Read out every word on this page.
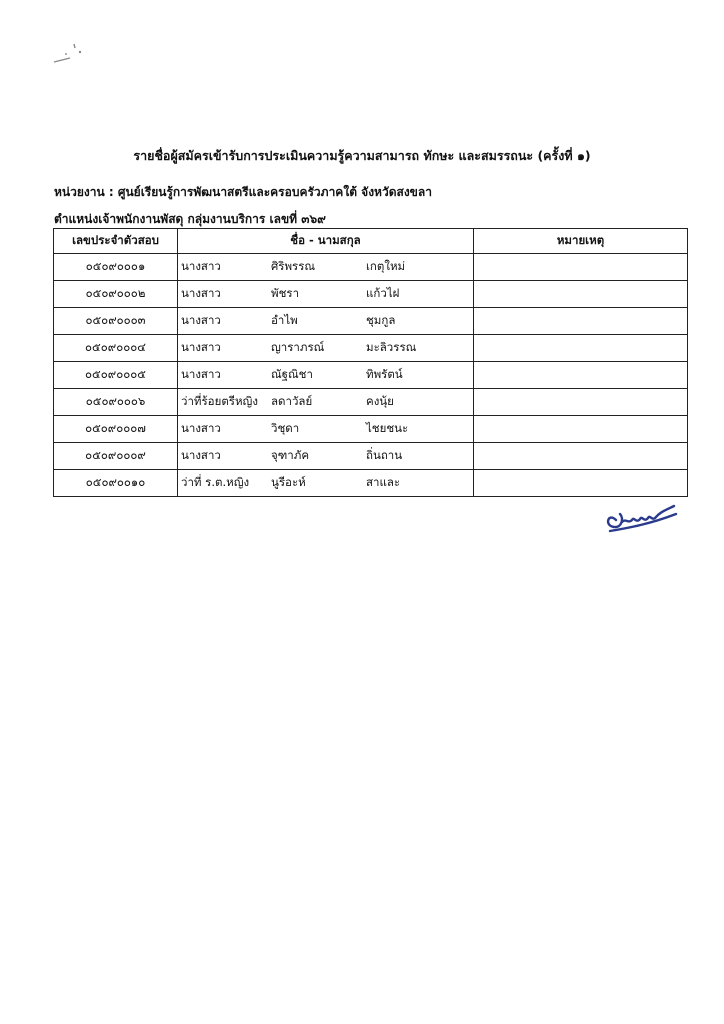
รายชื่อผู้สมัครเข้ารับการประเมินความรู้ความสามารถ ทักษะ และสมรรถนะ (ครั้งที่ ๑)
หน่วยงาน : ศูนย์เรียนรู้การพัฒนาสตรีและครอบครัวภาคใต้ จังหวัดสงขลา
ตำแหน่งเจ้าพนักงานพัสดุ กลุ่มงานบริการ เลขที่ ๓๖๙
เลขประจำตัวสอบ	ชื่อ - นามสกุล	หมายเหตุ
๐๕๐๙๐๐๐๑	นางสาว ศิริพรรณ เกตุใหม่	
๐๕๐๙๐๐๐๒	นางสาว พัชรา แก้วไฝ	
๐๕๐๙๐๐๐๓	นางสาว อำไพ ชุมกูล	
๐๕๐๙๐๐๐๔	นางสาว ญาราภรณ์ มะลิวรรณ	
๐๕๐๙๐๐๐๕	นางสาว ณัฐณิชา ทิพรัตน์	
๐๕๐๙๐๐๐๖	ว่าที่ร้อยตรีหญิง ลดาวัลย์ คงนุ้ย	
๐๕๐๙๐๐๐๗	นางสาว วิชุดา ไชยชนะ	
๐๕๐๙๐๐๐๙	นางสาว จุฑาภัค ถิ่นถาน	
๐๕๐๙๐๐๑๐	ว่าที่ ร.ต.หญิง นูรีอะห์ สาและ	
